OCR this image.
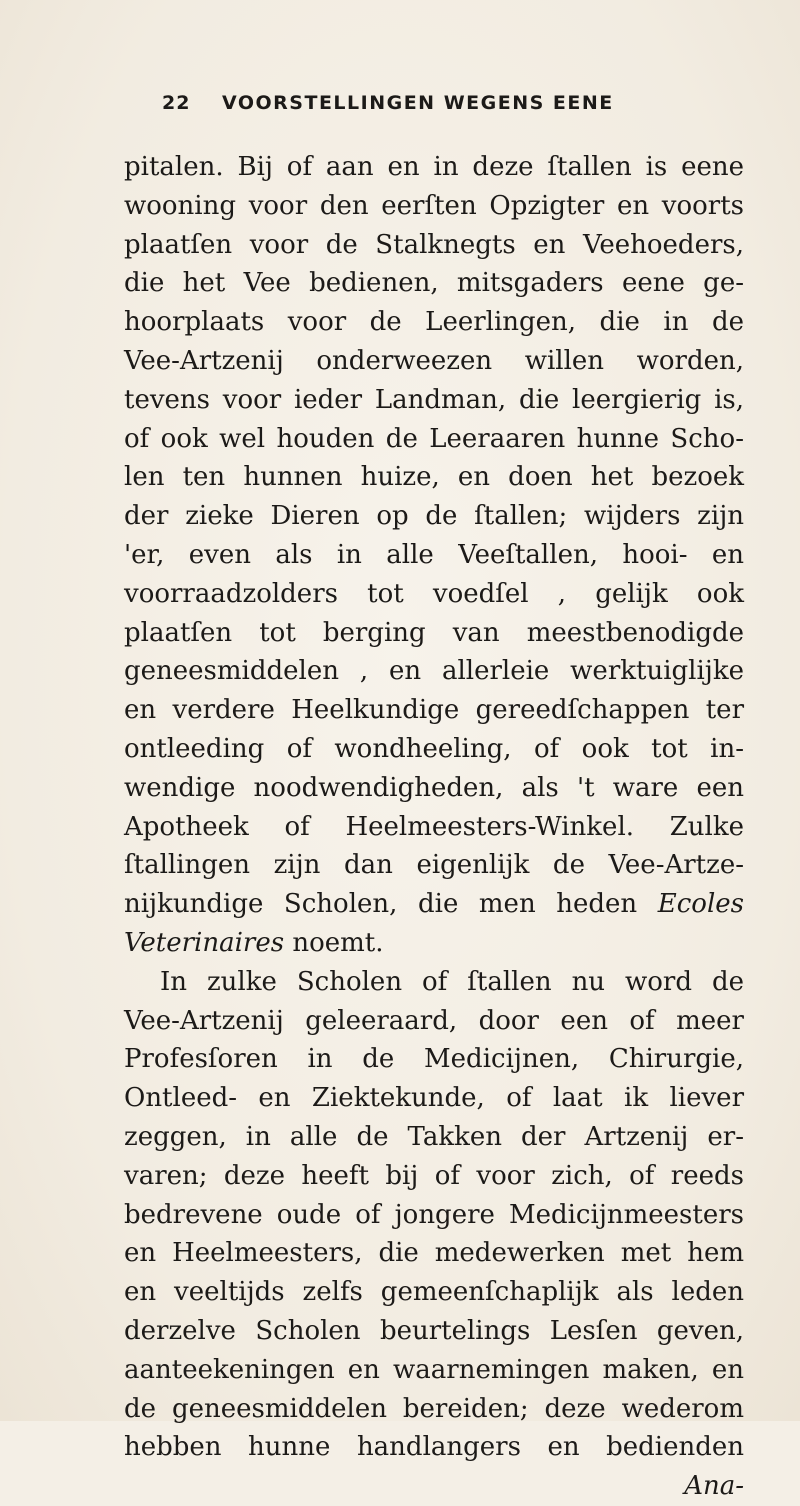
22 VOORSTELLINGEN WEGENS EENE
pitalen. Bij of aan en in deze ſtallen is eene
wooning voor den eerſten Opzigter en voorts
plaatſen voor de Stalknegts en Veehoeders,
die het Vee bedienen, mitsgaders eene ge-
hoorplaats voor de Leerlingen, die in de
Vee-Artzenij onderweezen willen worden,
tevens voor ieder Landman, die leergierig is,
of ook wel houden de Leeraaren hunne Scho-
len ten hunnen huize, en doen het bezoek
der zieke Dieren op de ſtallen; wijders zijn
'er, even als in alle Veeſtallen, hooi- en
voorraadzolders tot voedſel , gelijk ook
plaatſen tot berging van meestbenodigde
geneesmiddelen , en allerleie werktuiglijke
en verdere Heelkundige gereedſchappen ter
ontleeding of wondheeling, of ook tot in-
wendige noodwendigheden, als 't ware een
Apotheek of Heelmeesters-Winkel. Zulke
ſtallingen zijn dan eigenlijk de Vee-Artze-
nijkundige Scholen, die men heden Ecoles
Veterinaires noemt.
In zulke Scholen of ſtallen nu word de
Vee-Artzenij geleeraard, door een of meer
Profesſoren in de Medicijnen, Chirurgie,
Ontleed- en Ziektekunde, of laat ik liever
zeggen, in alle de Takken der Artzenij er-
varen; deze heeft bij of voor zich, of reeds
bedrevene oude of jongere Medicijnmeesters
en Heelmeesters, die medewerken met hem
en veeltijds zelfs gemeenſchaplijk als leden
derzelve Scholen beurtelings Lesſen geven,
aanteekeningen en waarnemingen maken, en
de geneesmiddelen bereiden; deze wederom
hebben hunne handlangers en bedienden
Ana-
